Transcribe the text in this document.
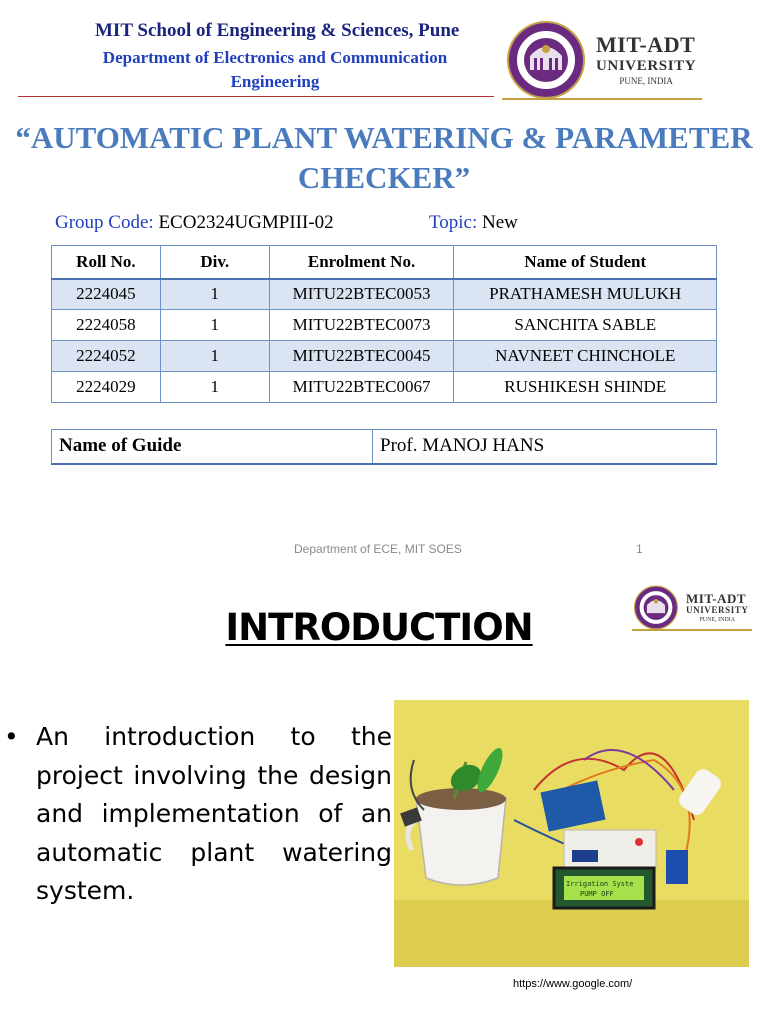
MIT School of Engineering & Sciences, Pune
Department of Electronics and Communication Engineering
MIT-ADT
UNIVERSITY
PUNE, INDIA
“AUTOMATIC PLANT WATERING & PARAMETER CHECKER”
Group Code: ECO2324UGMPIII-02	Topic: New
Roll No.	Div.	Enrolment No.	Name of Student
2224045	1	MITU22BTEC0053	PRATHAMESH MULUKH
2224058	1	MITU22BTEC0073	SANCHITA SABLE
2224052	1	MITU22BTEC0045	NAVNEET CHINCHOLE
2224029	1	MITU22BTEC0067	RUSHIKESH SHINDE
Name of Guide	Prof. MANOJ HANS
Department of ECE, MIT SOES	1
MIT-ADT
UNIVERSITY
PUNE, INDIA
INTRODUCTION
• An introduction to the project involving the design and implementation of an automatic plant watering system.	Irrigation Syste
PUMP OFF
https://www.google.com/
